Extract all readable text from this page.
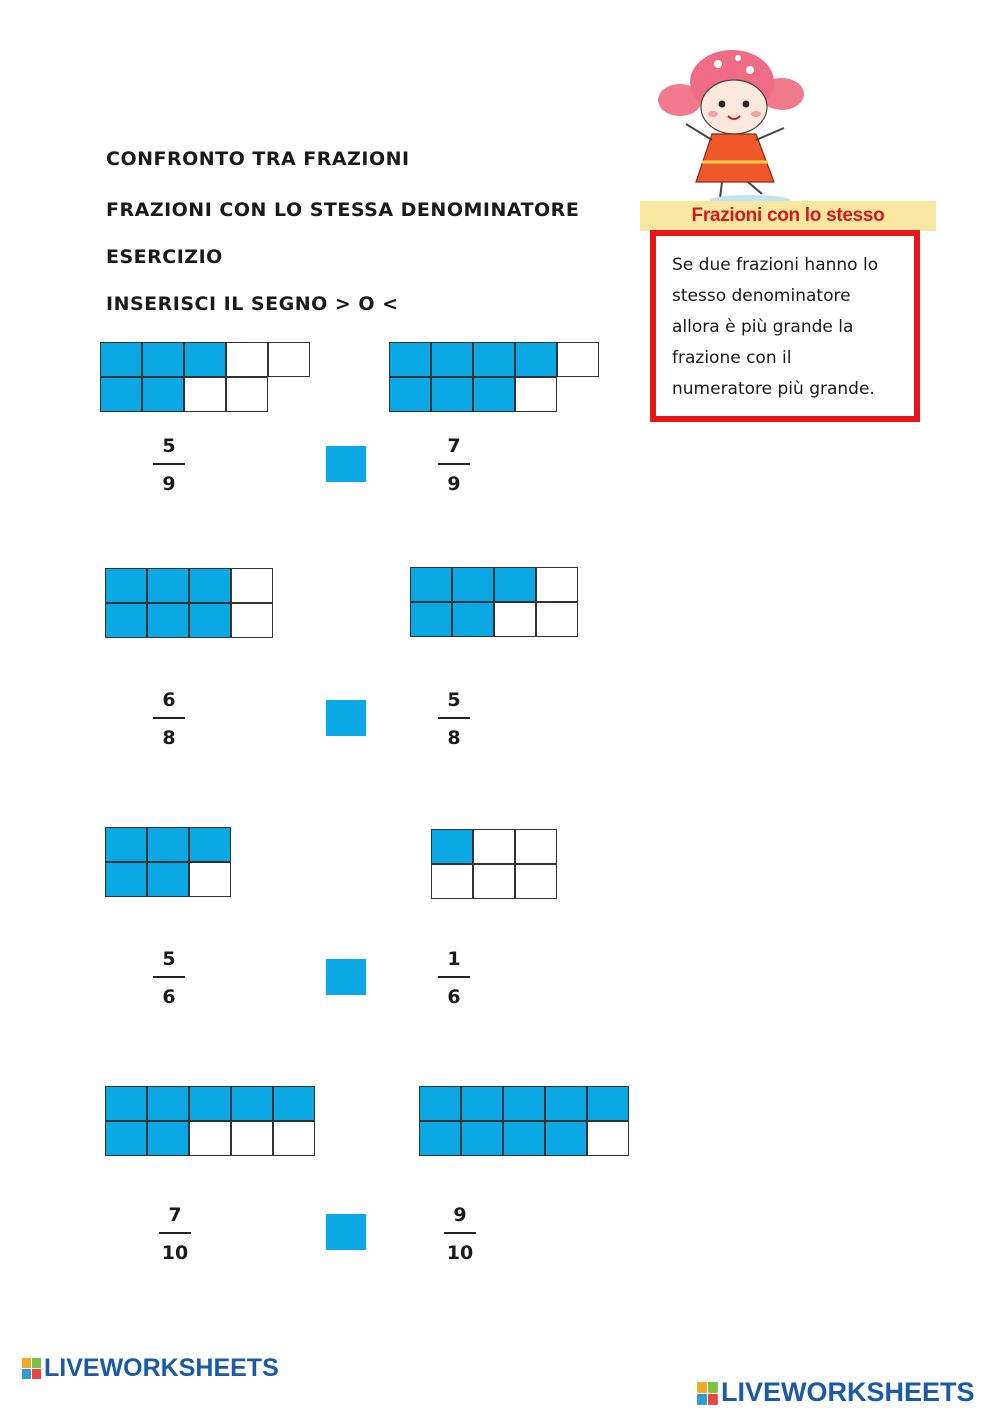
CONFRONTO TRA FRAZIONI
FRAZIONI CON LO STESSA DENOMINATORE
ESERCIZIO
INSERISCI IL SEGNO > O <
Frazioni con lo stesso
Se due frazioni hanno lo
stesso denominatore
allora è più grande la
frazione con il
numeratore più grande.
5
9
7
9
6
8
5
8
5
6
1
6
7
10
9
10
LIVEWORKSHEETS
LIVEWORKSHEETS
